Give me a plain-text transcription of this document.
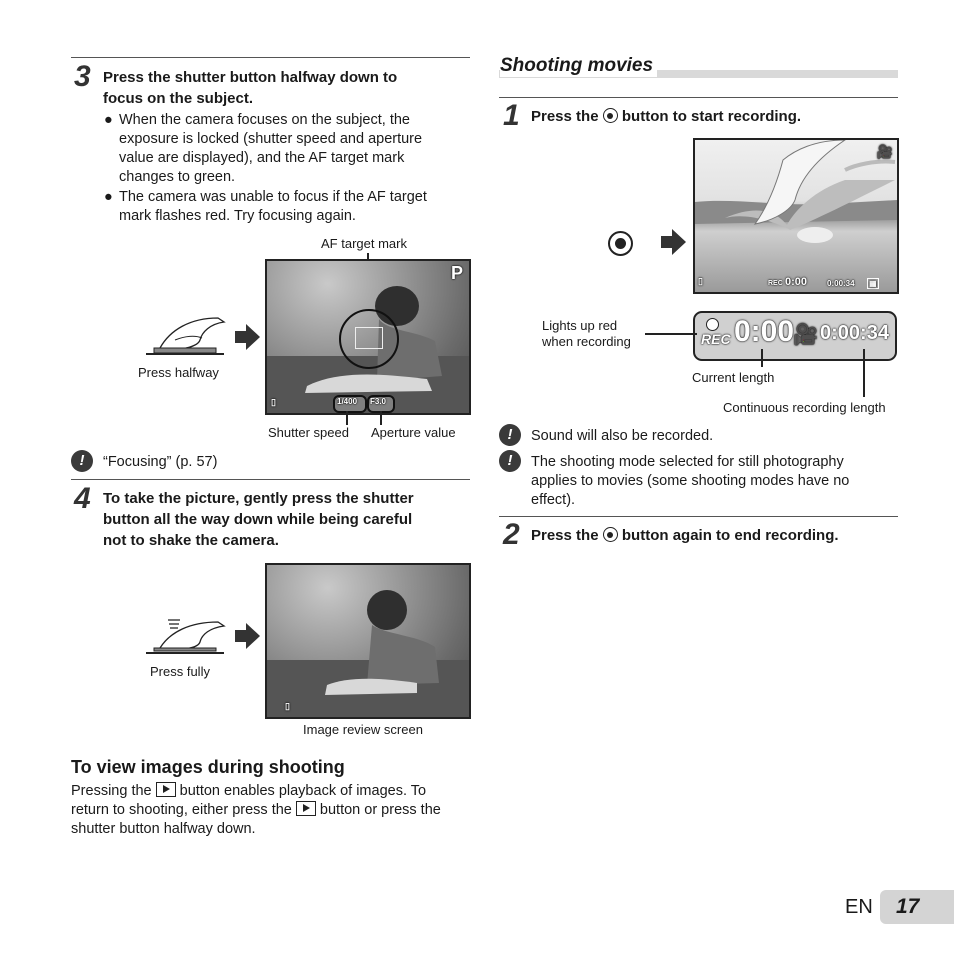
3 Press the shutter button halfway down to
focus on the subject.
● When the camera focuses on the subject, the
exposure is locked (shutter speed and aperture
value are displayed), and the AF target mark
changes to green.
● The camera was unable to focus if the AF target
mark flashes red. Try focusing again.
AF target mark
Press halfway
P
1/400 F3.0
▯
Shutter speed Aperture value
!	“Focusing” (p. 57)
4 To take the picture, gently press the shutter
button all the way down while being careful
not to shake the camera.
Press fully
▯
Image review screen
To view images during shooting
Pressing the button enables playback of images. To
return to shooting, either press the button or press the
shutter button halfway down.
Shooting movies
1 Press the button to start recording.
🎥
▯	REC 0:00 0:00:34 ▦
REC 0:00
🎥 0:00:34
Lights up red
when recording
Current length
Continuous recording length
!	Sound will also be recorded.
!	The shooting mode selected for still photography
applies to movies (some shooting modes have no
effect).
2 Press the button again to end recording.
EN 17
